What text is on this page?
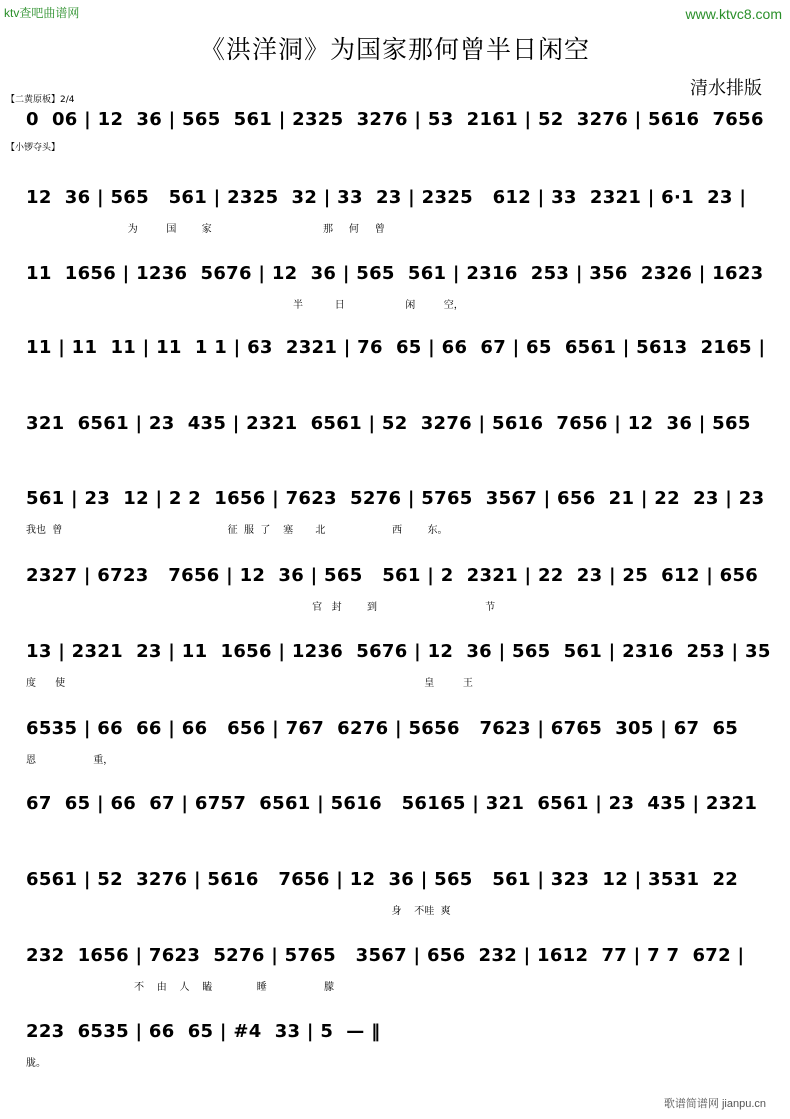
ktv查吧曲谱网	www.ktvc8.com
《洪洋洞》为国家那何曾半日闲空
清水排版
【二黄原板】2/4
【小锣夺头】
0  06 | 12  36 | 565  561 | 2325  3276 | 53  2161 | 52  3276 | 5616  7656
12  36 | 565   561 | 2325  32 | 33  23 | 2325   612 | 33  2321 | 6·1  23 |
为         国        家                                   那     何     曾
11  1656 | 1236  5676 | 12  36 | 565  561 | 2316  253 | 356  2326 | 1623
半          日                   闲         空，
11 | 11  11 | 11  1 1 | 63  2321 | 76  65 | 66  67 | 65  6561 | 5613  2165 |
321  6561 | 23  435 | 2321  6561 | 52  3276 | 5616  7656 | 12  36 | 565
561 | 23  12 | 2 2  1656 | 7623  5276 | 5765  3567 | 656  21 | 22  23 | 23
我也  曾                                                    征  服  了    塞       北                     西        东。
2327 | 6723   7656 | 12  36 | 565   561 | 2  2321 | 22  23 | 25  612 | 656
官   封        到                                  节
13 | 2321  23 | 11  1656 | 1236  5676 | 12  36 | 565  561 | 2316  253 | 35
度      使                                                                                                                 皇         王
6535 | 66  66 | 66   656 | 767  6276 | 5656   7623 | 6765  305 | 67  65
恩                  重，
67  65 | 66  67 | 6757  6561 | 5616   56165 | 321  6561 | 23  435 | 2321
6561 | 52  3276 | 5616   7656 | 12  36 | 565   561 | 323  12 | 3531  22
身    不哇  爽
232  1656 | 7623  5276 | 5765   3567 | 656  232 | 1612  77 | 7 7  672 |
不    由    人    瞌              睡                  朦
223  6535 | 66  65 | #4  33 | 5  — ‖
胧。
歌谱简谱网 jianpu.cn
